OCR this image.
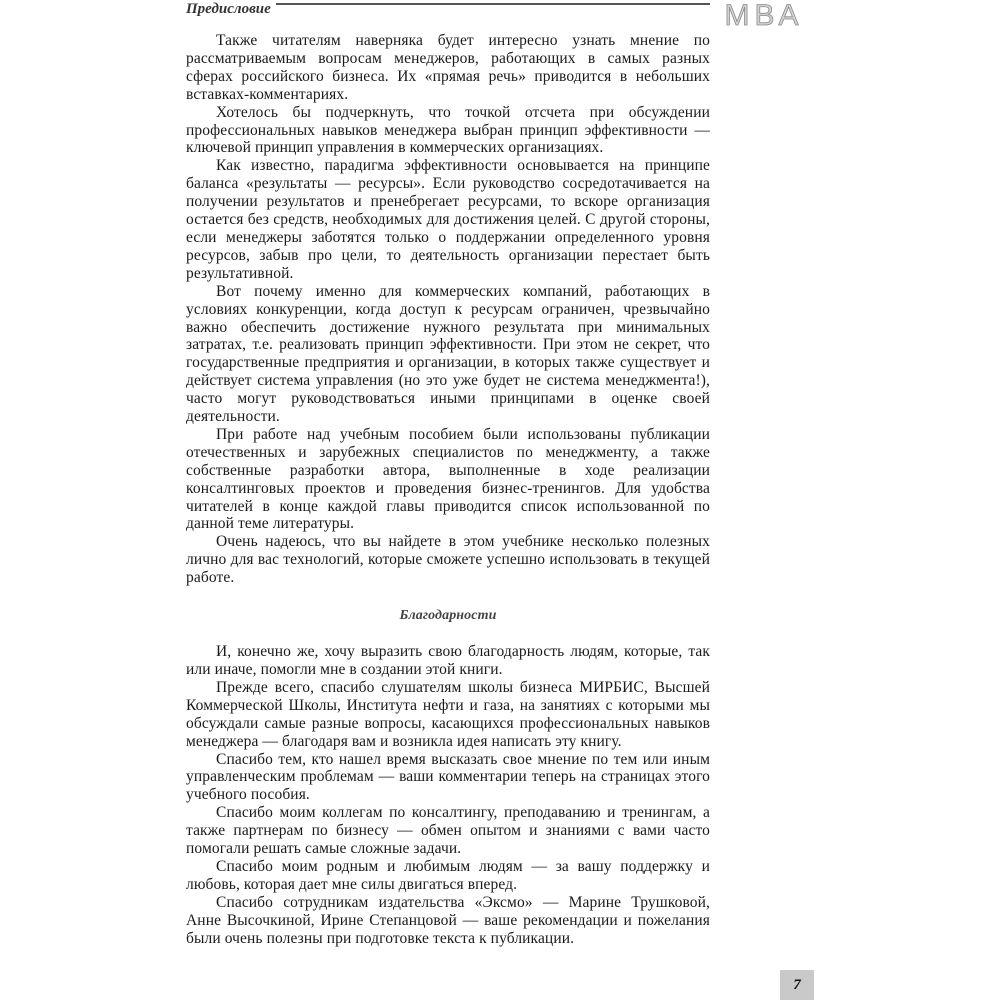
Предисловие	МВА

Также читателям наверняка будет интересно узнать мнение по рассматриваемым вопросам менеджеров, работающих в самых разных сферах российского бизнеса. Их «прямая речь» приводится в небольших вставках-комментариях.

Хотелось бы подчеркнуть, что точкой отсчета при обсуждении профессиональных навыков менеджера выбран принцип эффективности — ключевой принцип управления в коммерческих организациях.

Как известно, парадигма эффективности основывается на принципе баланса «результаты — ресурсы». Если руководство сосредотачивается на получении результатов и пренебрегает ресурсами, то вскоре организация остается без средств, необходимых для достижения целей. С другой стороны, если менеджеры заботятся только о поддержании определенного уровня ресурсов, забыв про цели, то деятельность организации перестает быть результативной.

Вот почему именно для коммерческих компаний, работающих в условиях конкуренции, когда доступ к ресурсам ограничен, чрезвычайно важно обеспечить достижение нужного результата при минимальных затратах, т.е. реализовать принцип эффективности. При этом не секрет, что государственные предприятия и организации, в которых также существует и действует система управления (но это уже будет не система менеджмента!), часто могут руководствоваться иными принципами в оценке своей деятельности.

При работе над учебным пособием были использованы публикации отечественных и зарубежных специалистов по менеджменту, а также собственные разработки автора, выполненные в ходе реализации консалтинговых проектов и проведения бизнес-тренингов. Для удобства читателей в конце каждой главы приводится список использованной по данной теме литературы.

Очень надеюсь, что вы найдете в этом учебнике несколько полезных лично для вас технологий, которые сможете успешно использовать в текущей работе.

Благодарности

И, конечно же, хочу выразить свою благодарность людям, которые, так или иначе, помогли мне в создании этой книги.

Прежде всего, спасибо слушателям школы бизнеса МИРБИС, Высшей Коммерческой Школы, Института нефти и газа, на занятиях с которыми мы обсуждали самые разные вопросы, касающихся профессиональных навыков менеджера — благодаря вам и возникла идея написать эту книгу.

Спасибо тем, кто нашел время высказать свое мнение по тем или иным управленческим проблемам — ваши комментарии теперь на страницах этого учебного пособия.

Спасибо моим коллегам по консалтингу, преподаванию и тренингам, а также партнерам по бизнесу — обмен опытом и знаниями с вами часто помогали решать самые сложные задачи.

Спасибо моим родным и любимым людям — за вашу поддержку и любовь, которая дает мне силы двигаться вперед.

Спасибо сотрудникам издательства «Эксмо» — Марине Трушковой, Анне Высочкиной, Ирине Степанцовой — ваше рекомендации и пожелания были очень полезны при подготовке текста к публикации.

7
